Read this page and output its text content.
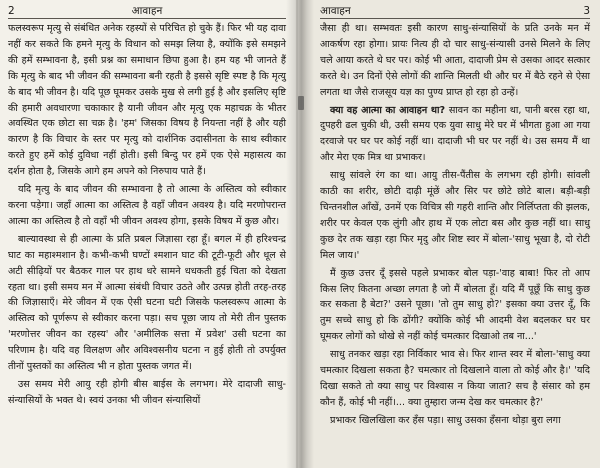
2	आवाहन

फलस्वरूप मृत्यु से संबंधित अनेक रहस्यों से परिचित हो चुके हैं। फिर भी यह दावा नहीं कर सकते कि हमने मृत्यु के विधान को समझ लिया है, क्योंकि इसे समझने की हमें सम्भावना है, इसी प्रश्न का समाधान छिपा हुआ है। हम यह भी जानते हैं कि मृत्यु के बाद भी जीवन की सम्भावना बनी रहती है इससे सृष्टि स्पष्ट है कि मृत्यु के बाद भी जीवन है। यदि पूछ घूमकर उसके मुख से लगी हुई है और इसलिए सृष्टि की हमारी अवधारणा चकाकार है यानी जीवन और मृत्यु एक महाचक्र के भीतर अवस्थित एक छोटा सा चक्र है। 'हम' जिसका विषय है नियन्ता नहीं है और यही कारण है कि विचार के स्तर पर मृत्यु को दार्शनिक उदासीनता के साथ स्वीकार करते हुए हमें कोई दुविधा नहीं होती। इसी बिन्दु पर हमें एक ऐसे महासत्य का दर्शन होता है, जिसके आगे हम अपने को निरुपाय पाते हैं।

यदि मृत्यु के बाद जीवन की सम्भावना है तो आत्मा के अस्तित्व को स्वीकार करना पड़ेगा। जहाँ आत्मा का अस्तित्व है वहाँ जीवन अवश्य है। यदि मरणोपरान्त आत्मा का अस्तित्व है तो वहाँ भी जीवन अवश्य होगा, इसके विषय में कुछ और।

बाल्यावस्था से ही आत्मा के प्रति प्रबल जिज्ञासा रहा हूँ। बगल में ही हरिश्चन्द्र घाट का महाश्मशान है। कभी-कभी घण्टों श्मशान घाट की टूटी-फूटी और धूल से अटी सीढ़ियों पर बैठकर गाल पर हाथ धरे सामने धधकती हुई चिता को देखता रहता था। इसी समय मन में आत्मा संबंधी विचार उठते और उत्पन्न होती तरह-तरह की जिज्ञासाएँ। मेरे जीवन में एक ऐसी घटना घटी जिसके फलस्वरूप आत्मा के अस्तित्व को पूर्णरूप से स्वीकार करना पड़ा। सच पूछा जाय तो मेरी तीन पुस्तक 'मरणोत्तर जीवन का रहस्य' और 'अमीलिक सत्ता में प्रवेश' उसी घटना का परिणाम है। यदि वह विलक्षण और अविश्वसनीय घटना न हुई होती तो उपर्युक्त तीनों पुस्तकों का अस्तित्व भी न होता पुस्तक जगत में।

उस समय मेरी आयु रही होगी बीस बाईस के लगभग। मेरे दादाजी साधु-संन्यासियों के भक्त थे। स्वयं उनका भी जीवन संन्यासियों

आवाहन	3

जैसा ही था। सम्भवतः इसी कारण साधु-संन्यासियों के प्रति उनके मन में आकर्षण रहा होगा। प्रायः नित्य ही दो चार साधु-संन्यासी उनसे मिलने के लिए चले आया करते थे घर पर। कोई भी आता, दादाजी प्रेम से उसका आदर सत्कार करते थे। उन दिनों ऐसे लोगों की शान्ति मिलती थी और घर में बैठे रहने से ऐसा लगता था जैसे राजसूय यज्ञ का पुण्य प्राप्त हो रहा हो उन्हें।

क्या वह आत्मा का आवाहन था? सावन का महीना था, पानी बरस रहा था, दुपहरी ढल चुकी थी, उसी समय एक युवा साधु मेरे घर में भीगता हुआ आ गया दरवाजे पर घर पर कोई नहीं था। दादाजी भी घर पर नहीं थे। उस समय मैं था और मेरा एक मित्र था प्रभाकर।

साधु सांवले रंग का था। आयु तीस-पैंतीस के लगभग रही होगी। सांवली काठी का शरीर, छोटी दाढ़ी मूंछें और सिर पर छोटे छोटे बाल। बड़ी-बड़ी चिन्तनशील आँखें, उनमें एक विचित्र सी गहरी शान्ति और निर्लिप्तता की झलक, शरीर पर केवल एक लुंगी और हाथ में एक लोटा बस और कुछ नहीं था। साधु कुछ देर तक खड़ा रहा फिर मृदु और शिष्ट स्वर में बोला-'साधु भूखा है, दो रोटी मिल जाय।'

मैं कुछ उत्तर दूँ इससे पहले प्रभाकर बोल पड़ा-'वाह बाबा! फिर तो आप किस लिए कितना अच्छा लगता है जो मैं बोलता हूँ। यदि मैं पूछूँ कि साधु कुछ कर सकता है बेटा?' उसने पूछा। 'तो तुम साधु हो?' इसका क्या उत्तर दूँ, कि तुम सच्चे साधु हो कि ढोंगी? क्योंकि कोई भी आदमी वेश बदलकर घर घर घूमकर लोगों को धोखे से नहीं कोई चमत्कार दिखाओ तब ना...'

साधु तनकर खड़ा रहा निर्विकार भाव से। फिर शान्त स्वर में बोला-'साधु क्या चमत्कार दिखला सकता है? चमत्कार तो दिखलाने वाला तो कोई और है।' 'यदि दिखा सकते तो क्या साधु पर विश्वास न किया जाता? सच है संसार को हम कौन हैं, कोई भी नहीं।... क्या तुम्हारा जन्म देख कर चमत्कार है?'

प्रभाकर खिलखिला कर हँस पड़ा। साधु उसका हँसना थोड़ा बुरा लगा
